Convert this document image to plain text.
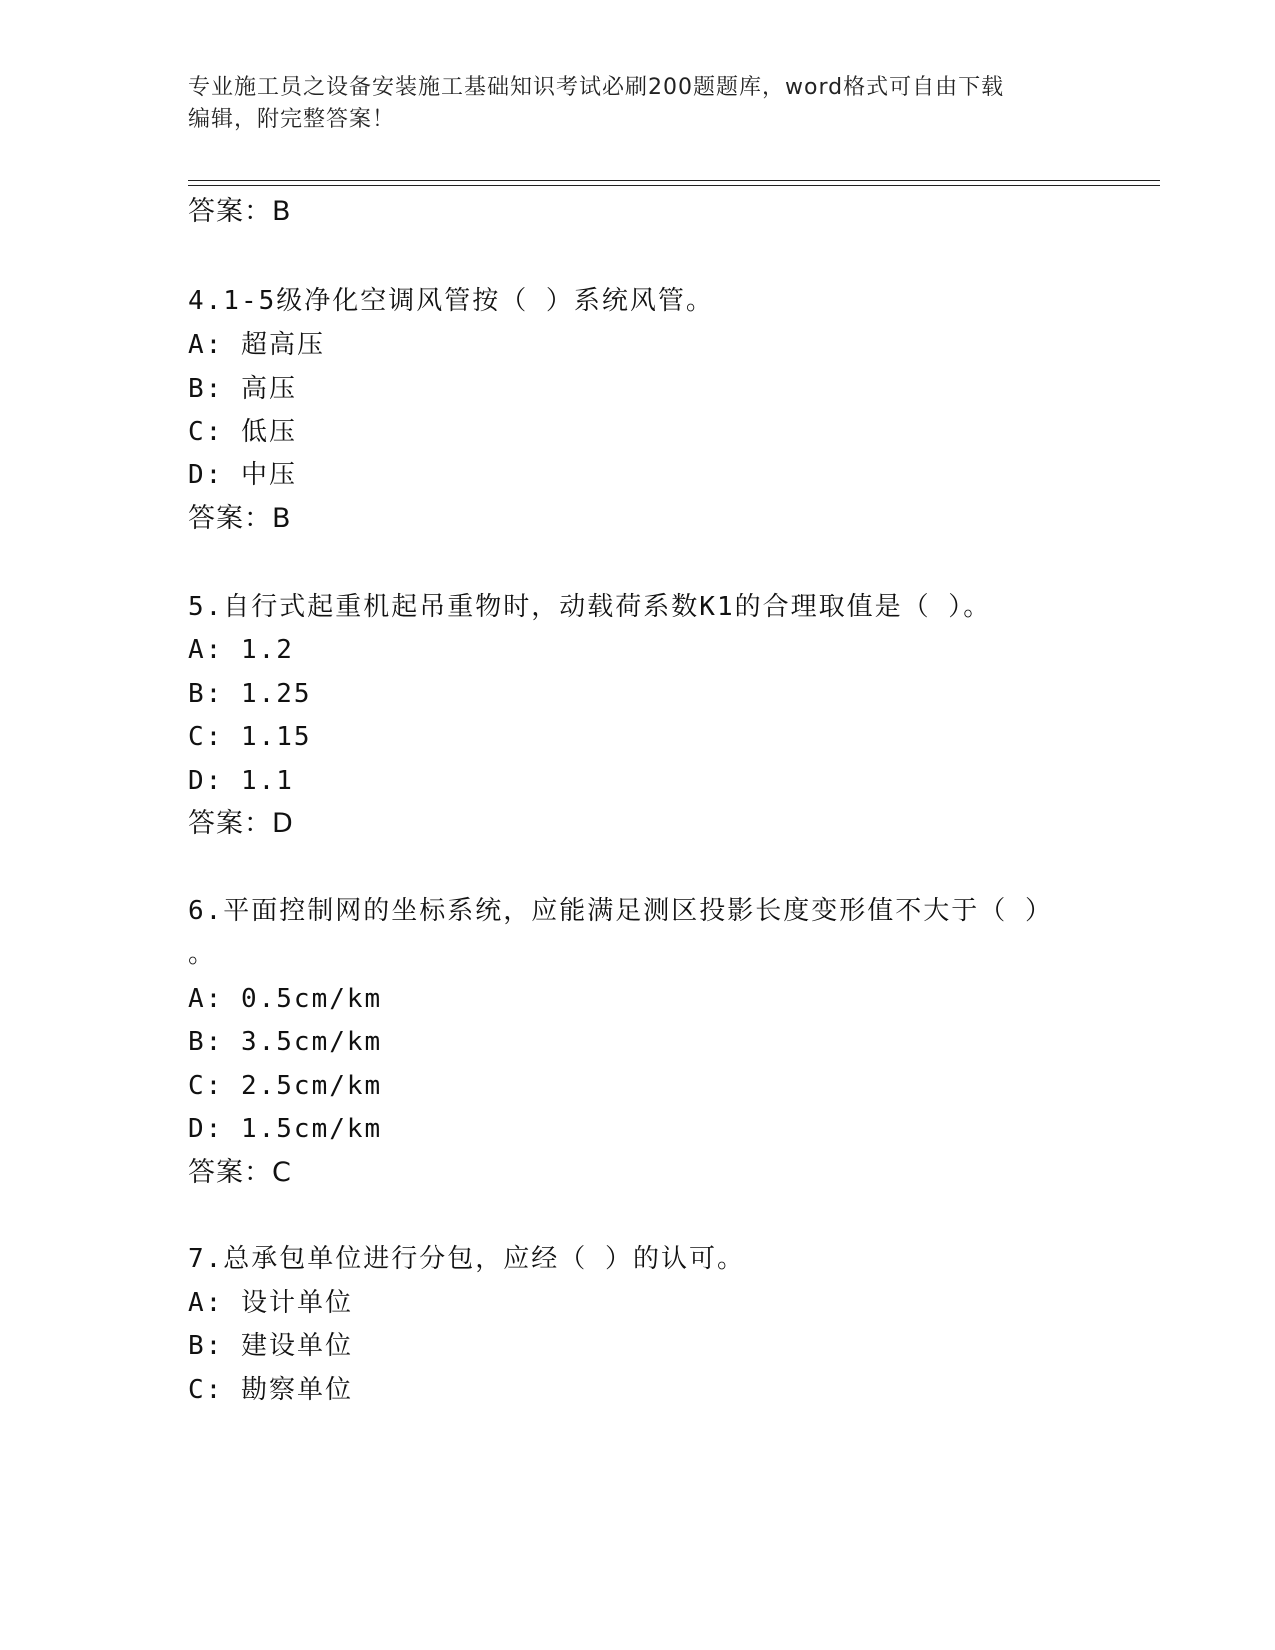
专业施工员之设备安装施工基础知识考试必刷200题题库，word格式可自由下载
编辑，附完整答案！
答案：B
4.1-5级净化空调风管按（ ）系统风管。
A: 超高压
B: 高压
C: 低压
D: 中压
答案：B
5.自行式起重机起吊重物时，动载荷系数K1的合理取值是（ ）。
A: 1.2
B: 1.25
C: 1.15
D: 1.1
答案：D
6.平面控制网的坐标系统，应能满足测区投影长度变形值不大于（ ）
。
A: 0.5cm/km
B: 3.5cm/km
C: 2.5cm/km
D: 1.5cm/km
答案：C
7.总承包单位进行分包，应经（ ）的认可。
A: 设计单位
B: 建设单位
C: 勘察单位
